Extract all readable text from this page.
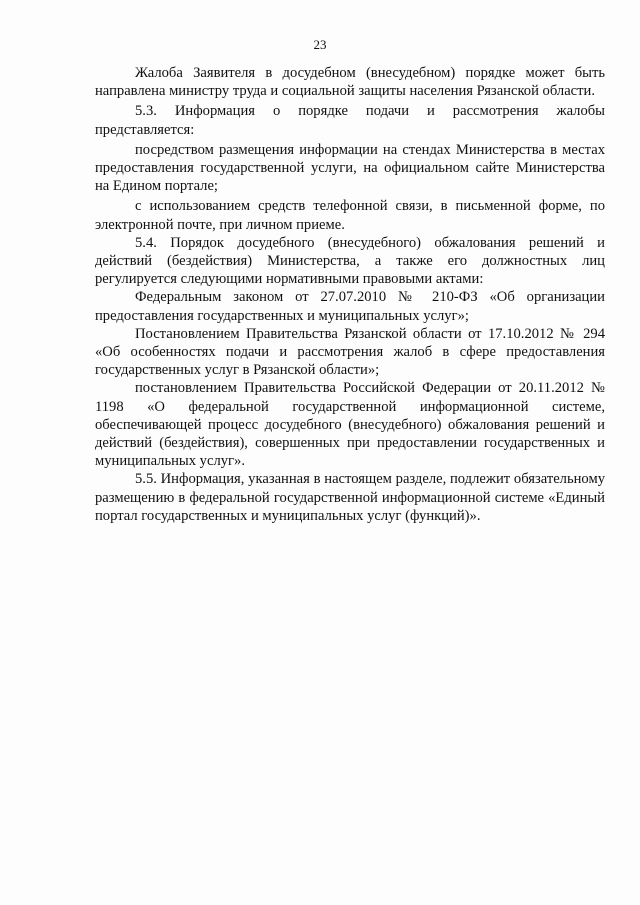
23

Жалоба Заявителя в досудебном (внесудебном) порядке может быть направлена министру труда и социальной защиты населения Рязанской области.

5.3. Информация о порядке подачи и рассмотрения жалобы представляется:

посредством размещения информации на стендах Министерства в местах предоставления государственной услуги, на официальном сайте Министерства на Едином портале;

с использованием средств телефонной связи, в письменной форме, по электронной почте, при личном приеме.

5.4. Порядок досудебного (внесудебного) обжалования решений и действий (бездействия) Министерства, а также его должностных лиц регулируется следующими нормативными правовыми актами:

Федеральным законом от 27.07.2010 № 210-ФЗ «Об организации предоставления государственных и муниципальных услуг»;

Постановлением Правительства Рязанской области от 17.10.2012 № 294 «Об особенностях подачи и рассмотрения жалоб в сфере предоставления государственных услуг в Рязанской области»;

постановлением Правительства Российской Федерации от 20.11.2012 № 1198 «О федеральной государственной информационной системе, обеспечивающей процесс досудебного (внесудебного) обжалования решений и действий (бездействия), совершенных при предоставлении государственных и муниципальных услуг».

5.5. Информация, указанная в настоящем разделе, подлежит обязательному размещению в федеральной государственной информационной системе «Единый портал государственных и муниципальных услуг (функций)».
